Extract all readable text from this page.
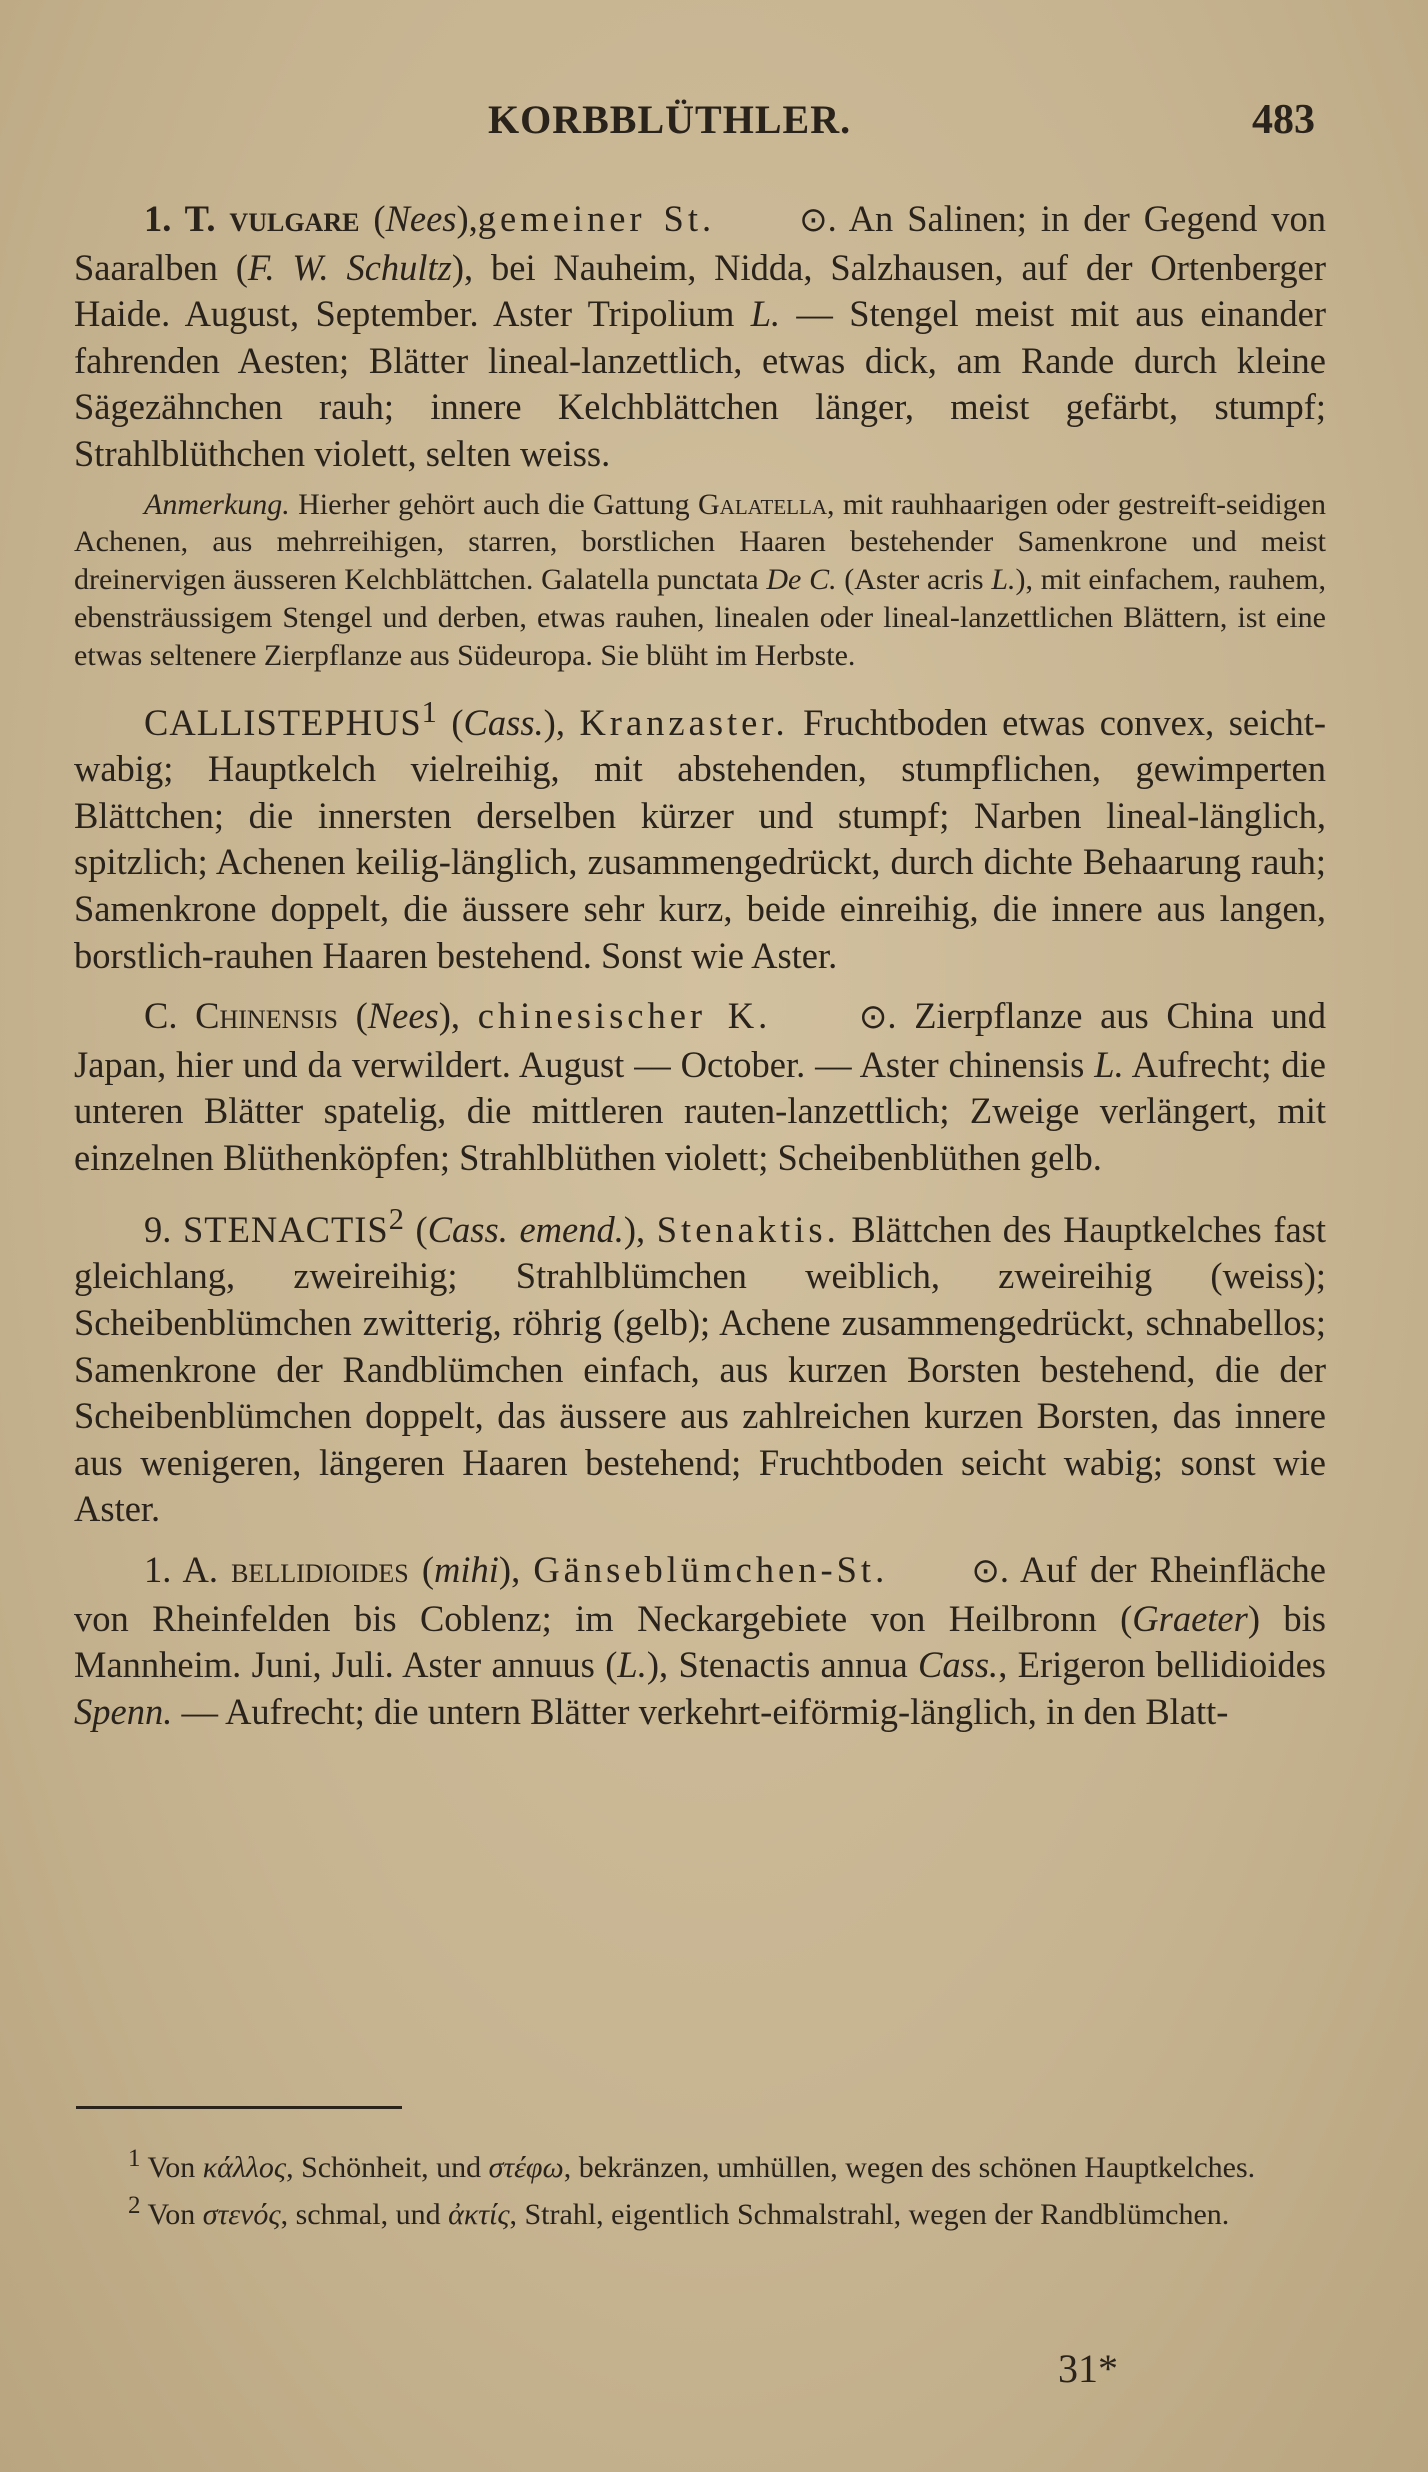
KORBBLÜTHLER.	483

1. T. vulgare (Nees),gemeiner St. ⊙. An Salinen; in der Gegend von Saaralben (F. W. Schultz), bei Nauheim, Nidda, Salzhausen, auf der Ortenberger Haide. August, September. Aster Tripolium L. — Stengel meist mit aus einander fahrenden Aesten; Blätter lineal-lanzettlich, etwas dick, am Rande durch kleine Sägezähnchen rauh; innere Kelchblättchen länger, meist gefärbt, stumpf; Strahlblüthchen violett, selten weiss.

Anmerkung. Hierher gehört auch die Gattung Galatella, mit rauhhaarigen oder gestreift-seidigen Achenen, aus mehrreihigen, starren, borstlichen Haaren bestehender Samenkrone und meist dreinervigen äusseren Kelchblättchen. Galatella punctata De C. (Aster acris L.), mit einfachem, rauhem, ebensträussigem Stengel und derben, etwas rauhen, linealen oder lineal-lanzettlichen Blättern, ist eine etwas seltenere Zierpflanze aus Südeuropa. Sie blüht im Herbste.

CALLISTEPHUS$^1$ (Cass.), Kranzaster. Fruchtboden etwas convex, seicht-wabig; Hauptkelch vielreihig, mit abstehenden, stumpflichen, gewimperten Blättchen; die innersten derselben kürzer und stumpf; Narben lineal-länglich, spitzlich; Achenen keilig-länglich, zusammengedrückt, durch dichte Behaarung rauh; Samenkrone doppelt, die äussere sehr kurz, beide einreihig, die innere aus langen, borstlich-rauhen Haaren bestehend. Sonst wie Aster.

C. Chinensis (Nees), chinesischer K.	⊙. Zierpflanze aus China und Japan, hier und da verwildert. August — October. — Aster chinensis L. Aufrecht; die unteren Blätter spatelig, die mittleren rauten-lanzettlich; Zweige verlängert, mit einzelnen Blüthenköpfen; Strahlblüthen violett; Scheibenblüthen gelb.

9. STENACTIS$^2$ (Cass. emend.), Stenaktis. Blättchen des Hauptkelches fast gleichlang, zweireihig; Strahlblümchen weiblich, zweireihig (weiss); Scheibenblümchen zwitterig, röhrig (gelb); Achene zusammengedrückt, schnabellos; Samenkrone der Randblümchen einfach, aus kurzen Borsten bestehend, die der Scheibenblümchen doppelt, das äussere aus zahlreichen kurzen Borsten, das innere aus wenigeren, längeren Haaren bestehend; Fruchtboden seicht wabig; sonst wie Aster.

1. A. bellidioides (mihi), Gänseblümchen-St. ⊙. Auf der Rheinfläche von Rheinfelden bis Coblenz; im Neckargebiete von Heilbronn (Graeter) bis Mannheim. Juni, Juli. Aster annuus (L.), Stenactis annua Cass., Erigeron bellidioides Spenn. — Aufrecht; die untern Blätter verkehrt-eiförmig-länglich, in den Blatt-

$^1$ Von κάλλος, Schönheit, und στέφω, bekränzen, umhüllen, wegen des schönen Hauptkelches.

$^2$ Von στενός, schmal, und ἀκτίς, Strahl, eigentlich Schmalstrahl, wegen der Randblümchen.

31*
